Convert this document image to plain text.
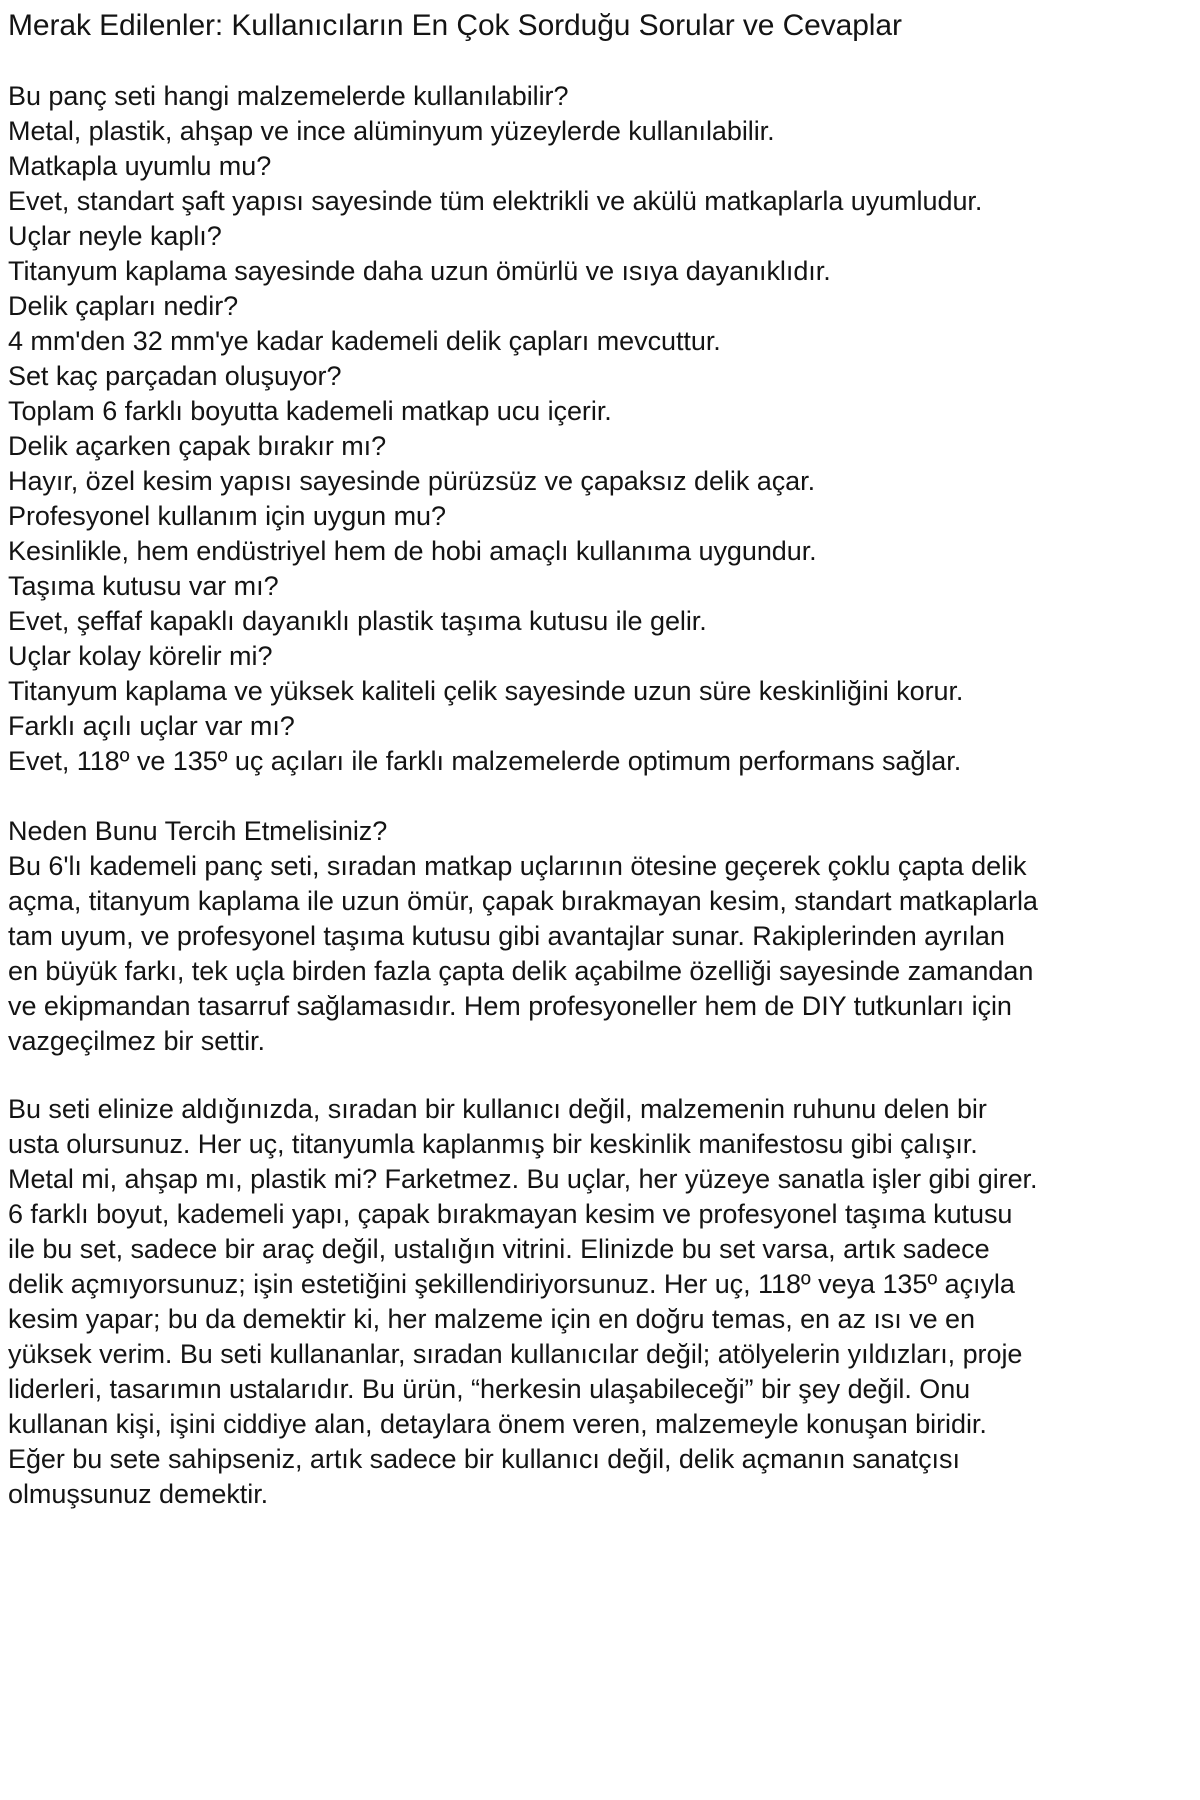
Merak Edilenler: Kullanıcıların En Çok Sorduğu Sorular ve Cevaplar

Bu panç seti hangi malzemelerde kullanılabilir?

Metal, plastik, ahşap ve ince alüminyum yüzeylerde kullanılabilir.

Matkapla uyumlu mu?

Evet, standart şaft yapısı sayesinde tüm elektrikli ve akülü matkaplarla uyumludur.

Uçlar neyle kaplı?

Titanyum kaplama sayesinde daha uzun ömürlü ve ısıya dayanıklıdır.

Delik çapları nedir?

4 mm'den 32 mm'ye kadar kademeli delik çapları mevcuttur.

Set kaç parçadan oluşuyor?

Toplam 6 farklı boyutta kademeli matkap ucu içerir.

Delik açarken çapak bırakır mı?

Hayır, özel kesim yapısı sayesinde pürüzsüz ve çapaksız delik açar.

Profesyonel kullanım için uygun mu?

Kesinlikle, hem endüstriyel hem de hobi amaçlı kullanıma uygundur.

Taşıma kutusu var mı?

Evet, şeffaf kapaklı dayanıklı plastik taşıma kutusu ile gelir.

Uçlar kolay körelir mi?

Titanyum kaplama ve yüksek kaliteli çelik sayesinde uzun süre keskinliğini korur.

Farklı açılı uçlar var mı?

Evet, 118º ve 135º uç açıları ile farklı malzemelerde optimum performans sağlar.

Neden Bunu Tercih Etmelisiniz?

Bu 6'lı kademeli panç seti, sıradan matkap uçlarının ötesine geçerek çoklu çapta delik açma, titanyum kaplama ile uzun ömür, çapak bırakmayan kesim, standart matkaplarla tam uyum, ve profesyonel taşıma kutusu gibi avantajlar sunar. Rakiplerinden ayrılan en büyük farkı, tek uçla birden fazla çapta delik açabilme özelliği sayesinde zamandan ve ekipmandan tasarruf sağlamasıdır. Hem profesyoneller hem de DIY tutkunları için vazgeçilmez bir settir.

Bu seti elinize aldığınızda, sıradan bir kullanıcı değil, malzemenin ruhunu delen bir usta olursunuz. Her uç, titanyumla kaplanmış bir keskinlik manifestosu gibi çalışır. Metal mi, ahşap mı, plastik mi? Farketmez. Bu uçlar, her yüzeye sanatla işler gibi girer. 6 farklı boyut, kademeli yapı, çapak bırakmayan kesim ve profesyonel taşıma kutusu ile bu set, sadece bir araç değil, ustalığın vitrini. Elinizde bu set varsa, artık sadece delik açmıyorsunuz; işin estetiğini şekillendiriyorsunuz. Her uç, 118º veya 135º açıyla kesim yapar; bu da demektir ki, her malzeme için en doğru temas, en az ısı ve en yüksek verim. Bu seti kullananlar, sıradan kullanıcılar değil; atölyelerin yıldızları, proje liderleri, tasarımın ustalarıdır. Bu ürün, “herkesin ulaşabileceği” bir şey değil. Onu kullanan kişi, işini ciddiye alan, detaylara önem veren, malzemeyle konuşan biridir. Eğer bu sete sahipseniz, artık sadece bir kullanıcı değil, delik açmanın sanatçısı olmuşsunuz demektir.
